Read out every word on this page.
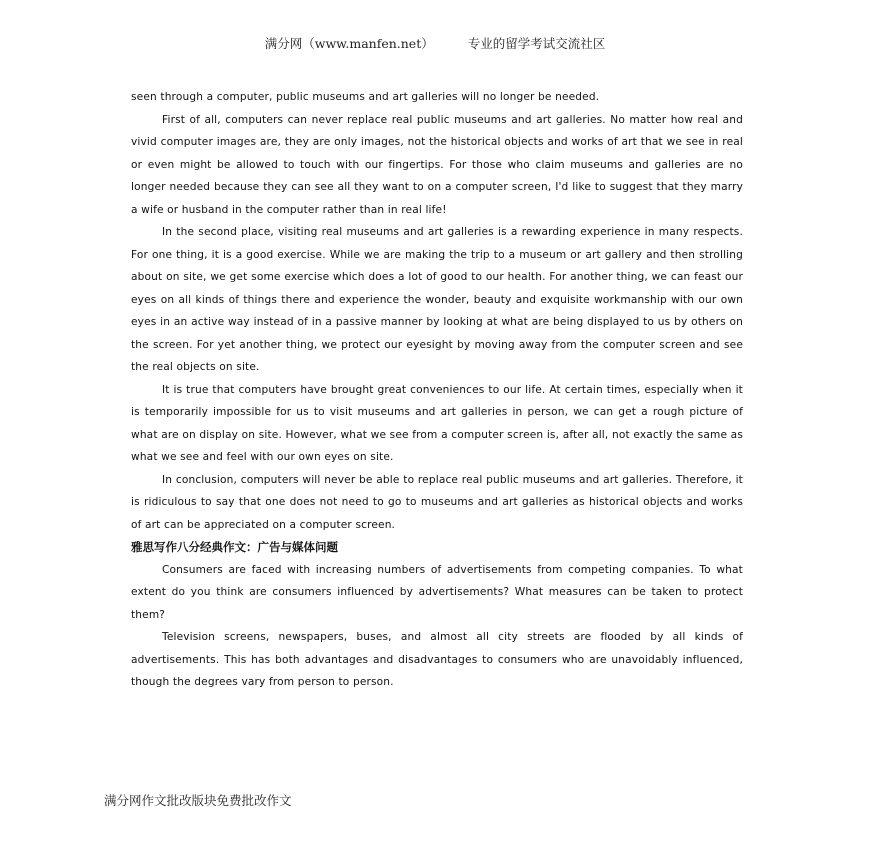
满分网（www.manfen.net）	专业的留学考试交流社区

seen through a computer, public museums and art galleries will no longer be needed.

First of all, computers can never replace real public museums and art galleries. No matter how real and vivid computer images are, they are only images, not the historical objects and works of art that we see in real or even might be allowed to touch with our fingertips. For those who claim museums and galleries are no longer needed because they can see all they want to on a computer screen, I'd like to suggest that they marry a wife or husband in the computer rather than in real life!

In the second place, visiting real museums and art galleries is a rewarding experience in many respects. For one thing, it is a good exercise. While we are making the trip to a museum or art gallery and then strolling about on site, we get some exercise which does a lot of good to our health. For another thing, we can feast our eyes on all kinds of things there and experience the wonder, beauty and exquisite workmanship with our own eyes in an active way instead of in a passive manner by looking at what are being displayed to us by others on the screen. For yet another thing, we protect our eyesight by moving away from the computer screen and see the real objects on site.

It is true that computers have brought great conveniences to our life. At certain times, especially when it is temporarily impossible for us to visit museums and art galleries in person, we can get a rough picture of what are on display on site. However, what we see from a computer screen is, after all, not exactly the same as what we see and feel with our own eyes on site.

In conclusion, computers will never be able to replace real public museums and art galleries. Therefore, it is ridiculous to say that one does not need to go to museums and art galleries as historical objects and works of art can be appreciated on a computer screen.

雅思写作八分经典作文：广告与媒体问题

Consumers are faced with increasing numbers of advertisements from competing companies. To what extent do you think are consumers influenced by advertisements? What measures can be taken to protect them?

Television screens, newspapers, buses, and almost all city streets are flooded by all kinds of advertisements. This has both advantages and disadvantages to consumers who are unavoidably influenced, though the degrees vary from person to person.

满分网作文批改版块免费批改作文
